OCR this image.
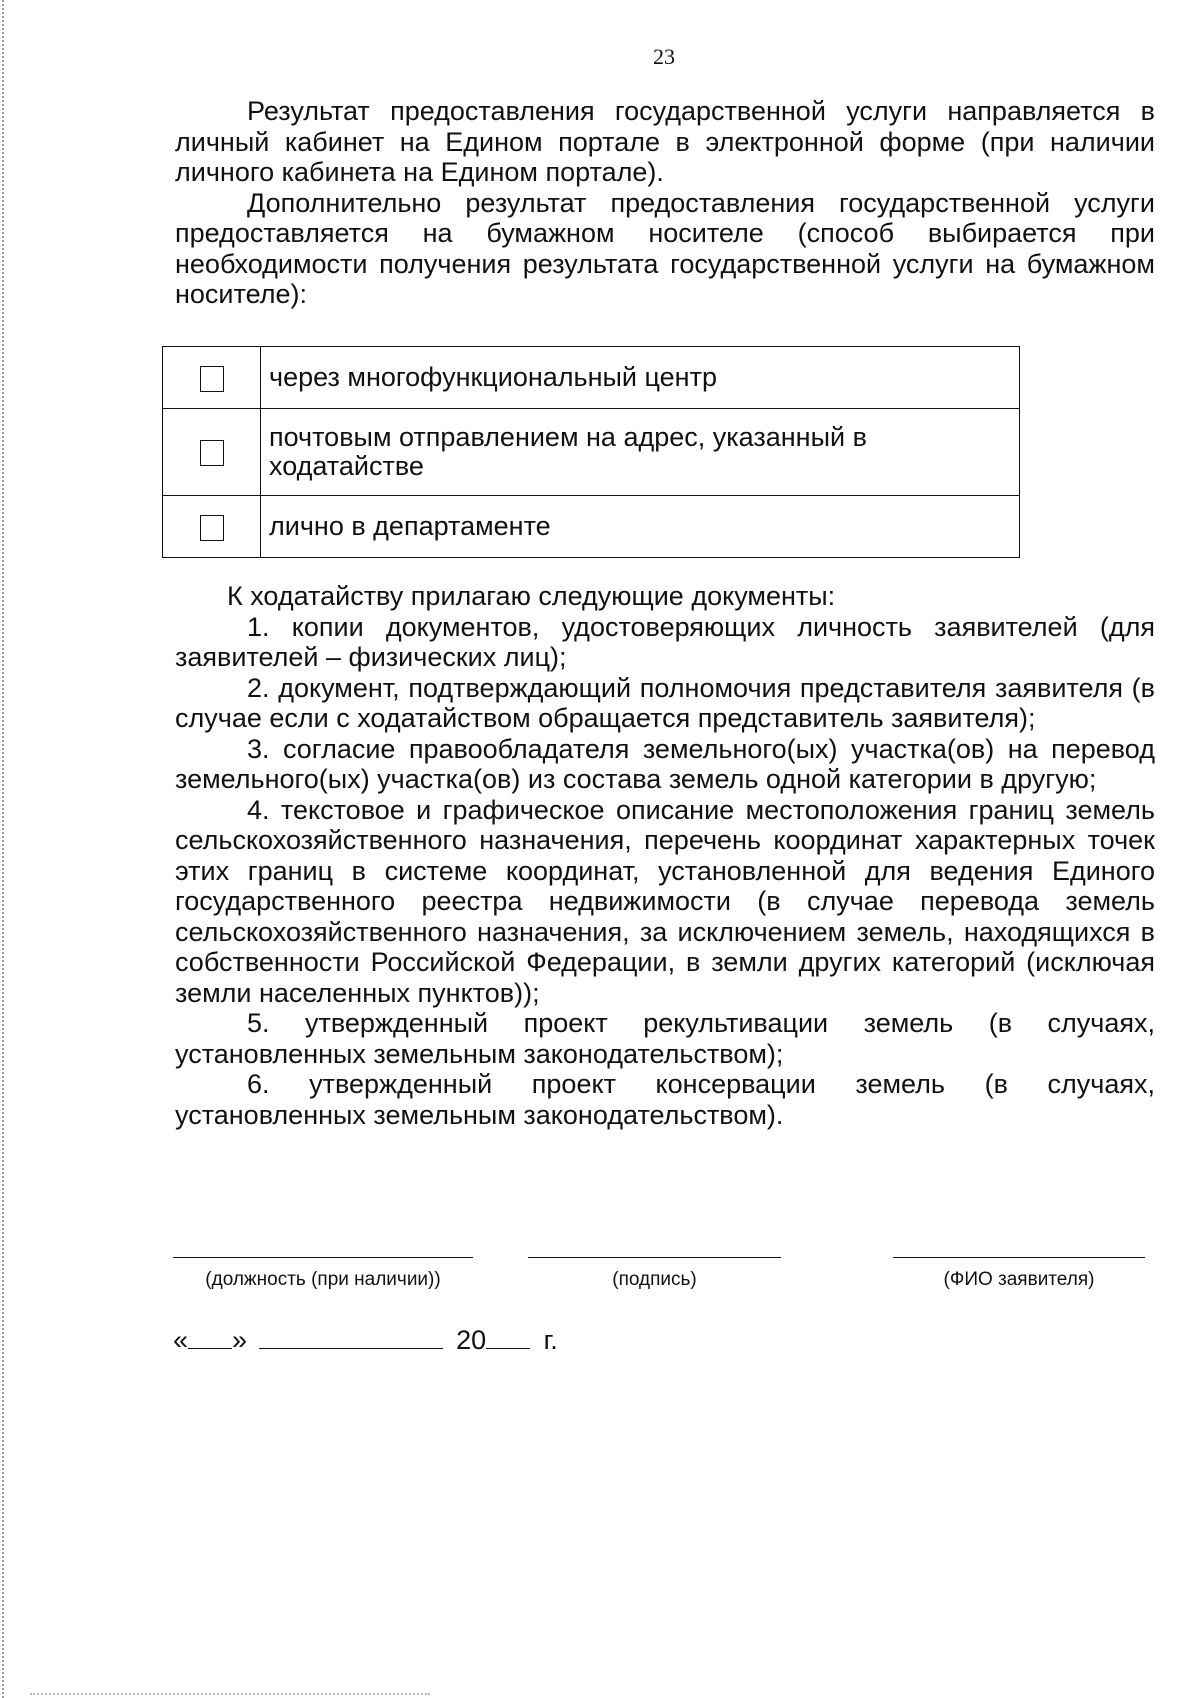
23

Результат предоставления государственной услуги направляется в личный кабинет на Едином портале в электронной форме (при наличии личного кабинета на Едином портале).

Дополнительно результат предоставления государственной услуги предоставляется на бумажном носителе (способ выбирается при необходимости получения результата государственной услуги на бумажном носителе):

	через многофункциональный центр
	почтовым отправлением на адрес, указанный в ходатайстве
	лично в департаменте

К ходатайству прилагаю следующие документы:

1. копии документов, удостоверяющих личность заявителей (для заявителей – физических лиц);

2. документ, подтверждающий полномочия представителя заявителя (в случае если с ходатайством обращается представитель заявителя);

3. согласие правообладателя земельного(ых) участка(ов) на перевод земельного(ых) участка(ов) из состава земель одной категории в другую;

4. текстовое и графическое описание местоположения границ земель сельскохозяйственного назначения, перечень координат характерных точек этих границ в системе координат, установленной для ведения Единого государственного реестра недвижимости (в случае перевода земель сельскохозяйственного назначения, за исключением земель, находящихся в собственности Российской Федерации, в земли других категорий (исключая земли населенных пунктов));

5. утвержденный проект рекультивации земель (в случаях, установленных земельным законодательством);

6. утвержденный проект консервации земель (в случаях, установленных земельным законодательством).

(должность (при наличии))	(подпись)	(ФИО заявителя)
« »	20 г.
